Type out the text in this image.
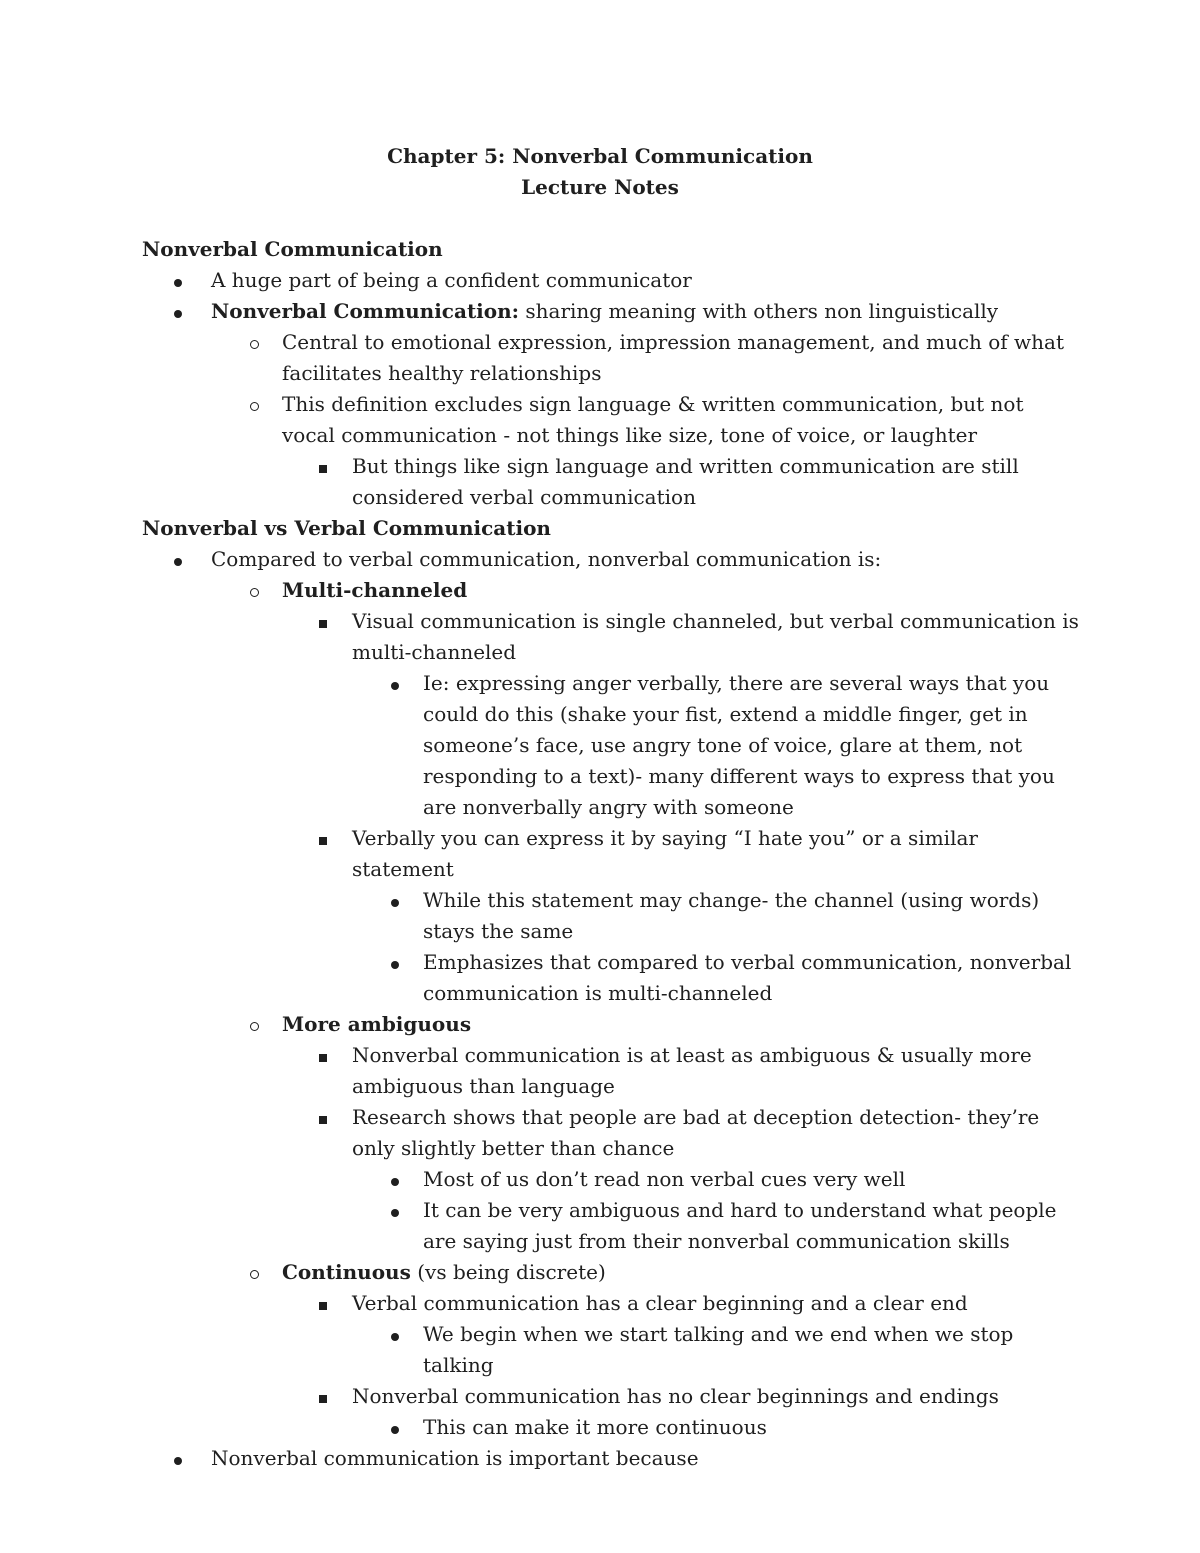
Chapter 5: Nonverbal Communication
Lecture Notes
Nonverbal Communication
A huge part of being a confident communicator
Nonverbal Communication: sharing meaning with others non linguistically
Central to emotional expression, impression management, and much of what facilitates healthy relationships
This definition excludes sign language & written communication, but not vocal communication - not things like size, tone of voice, or laughter
But things like sign language and written communication are still considered verbal communication
Nonverbal vs Verbal Communication
Compared to verbal communication, nonverbal communication is:
Multi-channeled
Visual communication is single channeled, but verbal communication is multi-channeled
Ie: expressing anger verbally, there are several ways that you could do this (shake your fist, extend a middle finger, get in someone’s face, use angry tone of voice, glare at them, not responding to a text)- many different ways to express that you are nonverbally angry with someone
Verbally you can express it by saying “I hate you” or a similar statement
While this statement may change- the channel (using words) stays the same
Emphasizes that compared to verbal communication, nonverbal communication is multi-channeled
More ambiguous
Nonverbal communication is at least as ambiguous & usually more ambiguous than language
Research shows that people are bad at deception detection- they’re only slightly better than chance
Most of us don’t read non verbal cues very well
It can be very ambiguous and hard to understand what people are saying just from their nonverbal communication skills
Continuous (vs being discrete)
Verbal communication has a clear beginning and a clear end
We begin when we start talking and we end when we stop talking
Nonverbal communication has no clear beginnings and endings
This can make it more continuous
Nonverbal communication is important because
